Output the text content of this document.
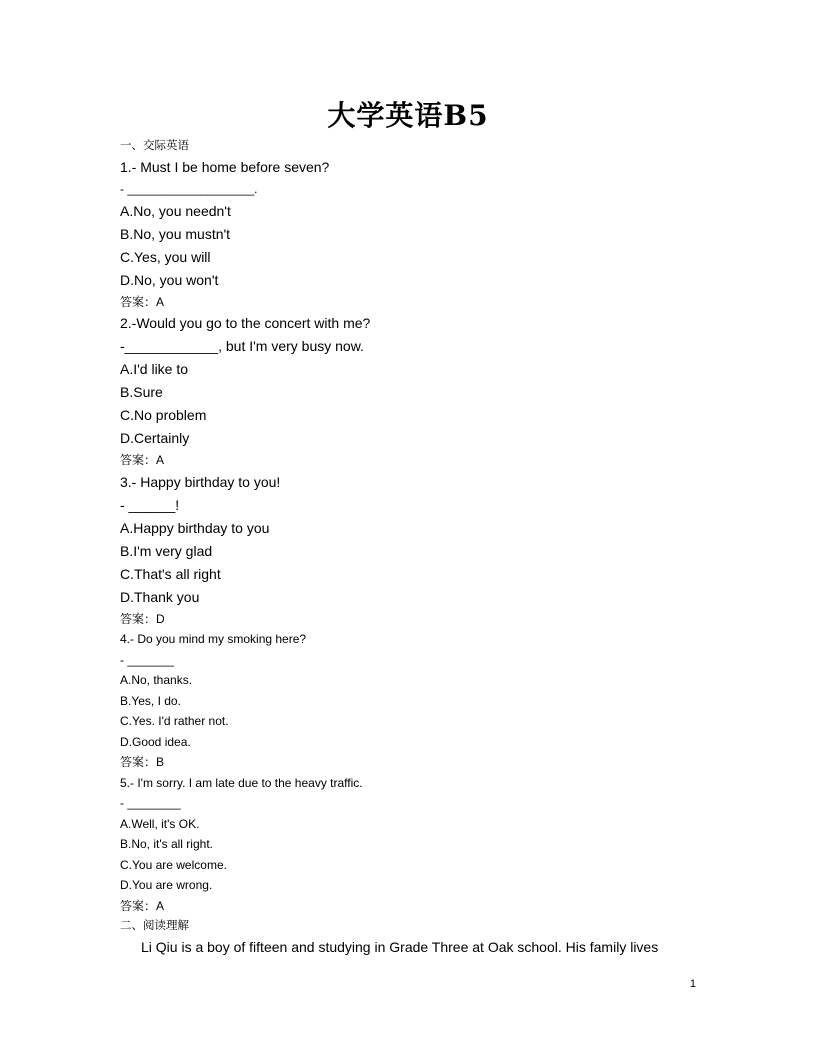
大学英语B5
一、交际英语
1.- Must I be home before seven?
- ___________________.
A.No, you needn't
B.No, you mustn't
C.Yes, you will
D.No, you won't
答案：A
2.-Would you go to the concert with me?
-____________, but I'm very busy now.
A.I'd like to
B.Sure
C.No problem
D.Certainly
答案：A
3.- Happy birthday to you!
- ______!
A.Happy birthday to you
B.I'm very glad
C.That's all right
D.Thank you
答案：D
4.- Do you mind my smoking here?
- _______
A.No, thanks.
B.Yes, I do.
C.Yes. I'd rather not.
D.Good idea.
答案：B
5.- I'm sorry. I am late due to the heavy traffic.
- ________
A.Well, it's OK.
B.No, it's all right.
C.You are welcome.
D.You are wrong.
答案：A
二、阅读理解
Li Qiu is a boy of fifteen and studying in Grade Three at Oak school. His family lives
1
